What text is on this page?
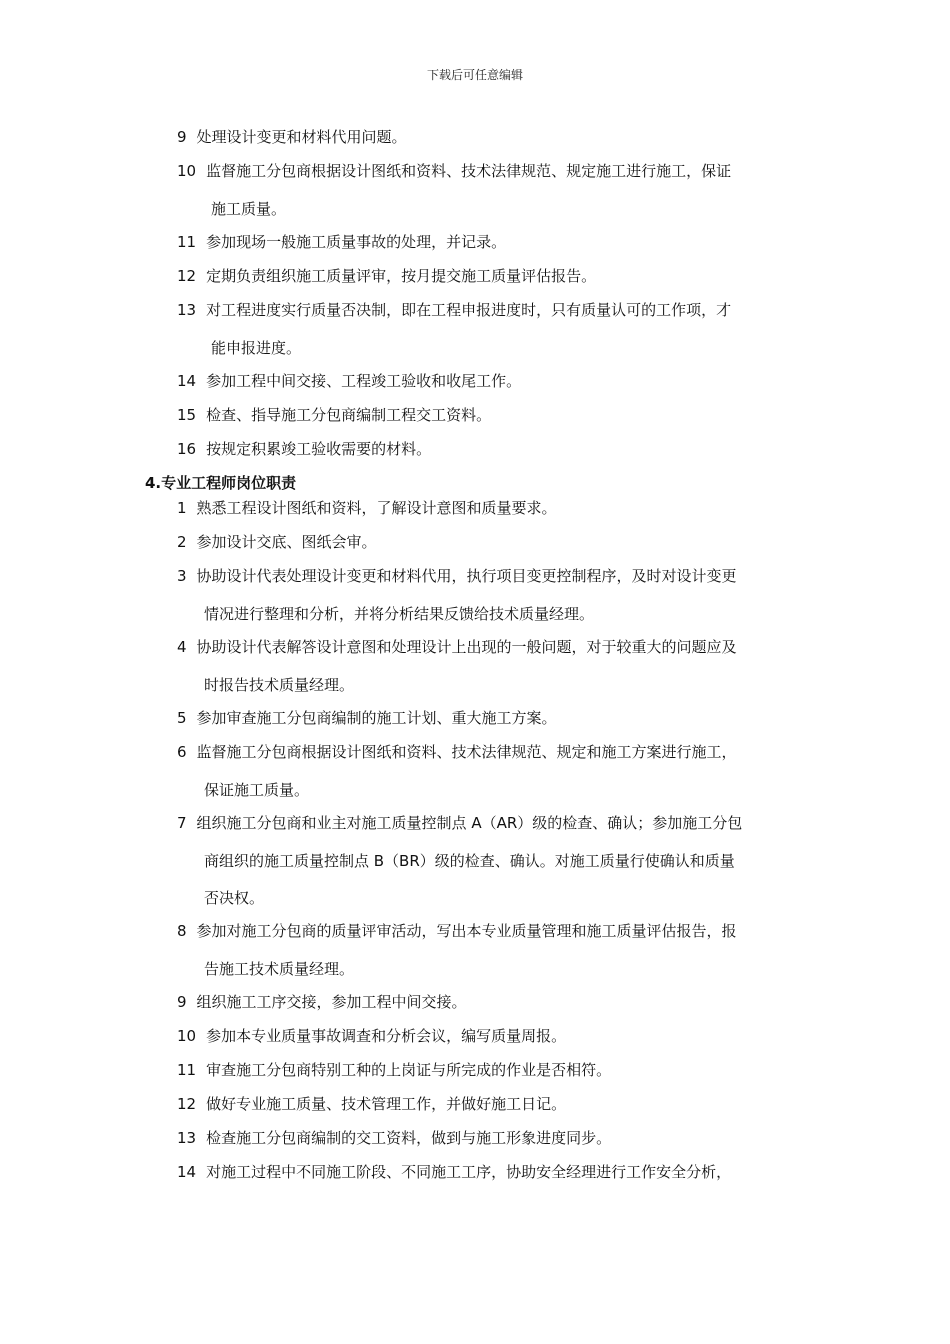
下载后可任意编辑
9 处理设计变更和材料代用问题。
10 监督施工分包商根据设计图纸和资料、技术法律规范、规定施工进行施工，保证
施工质量。
11 参加现场一般施工质量事故的处理，并记录。
12 定期负责组织施工质量评审，按月提交施工质量评估报告。
13 对工程进度实行质量否决制，即在工程申报进度时，只有质量认可的工作项，才
能申报进度。
14 参加工程中间交接、工程竣工验收和收尾工作。
15 检查、指导施工分包商编制工程交工资料。
16 按规定积累竣工验收需要的材料。
4.专业工程师岗位职责
1 熟悉工程设计图纸和资料，了解设计意图和质量要求。
2 参加设计交底、图纸会审。
3 协助设计代表处理设计变更和材料代用，执行项目变更控制程序，及时对设计变更
情况进行整理和分析，并将分析结果反馈给技术质量经理。
4 协助设计代表解答设计意图和处理设计上出现的一般问题，对于较重大的问题应及
时报告技术质量经理。
5 参加审查施工分包商编制的施工计划、重大施工方案。
6 监督施工分包商根据设计图纸和资料、技术法律规范、规定和施工方案进行施工，
保证施工质量。
7 组织施工分包商和业主对施工质量控制点 A（AR）级的检查、确认；参加施工分包
商组织的施工质量控制点 B（BR）级的检查、确认。对施工质量行使确认和质量
否决权。
8 参加对施工分包商的质量评审活动，写出本专业质量管理和施工质量评估报告，报
告施工技术质量经理。
9 组织施工工序交接，参加工程中间交接。
10 参加本专业质量事故调查和分析会议，编写质量周报。
11 审查施工分包商特别工种的上岗证与所完成的作业是否相符。
12 做好专业施工质量、技术管理工作，并做好施工日记。
13 检查施工分包商编制的交工资料，做到与施工形象进度同步。
14 对施工过程中不同施工阶段、不同施工工序，协助安全经理进行工作安全分析，
